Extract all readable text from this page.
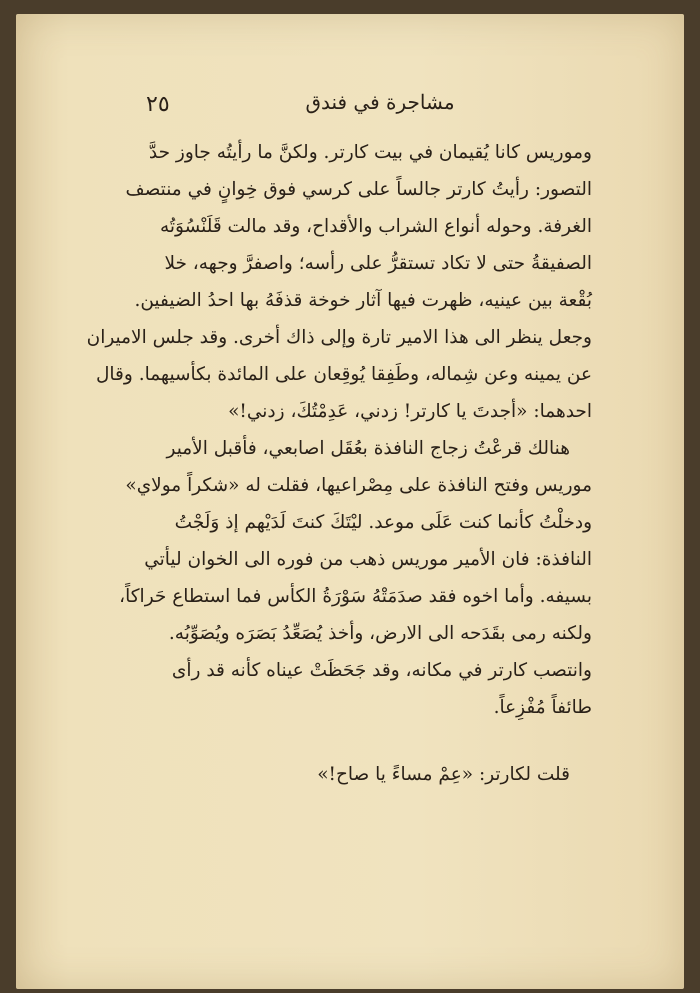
٢٥	مشاجرة في فندق
وموريس كانا يُقيمان في بيت كارتر. ولكنَّ ما رأيتُه جاوز حدَّ
التصور: رأيتُ كارتر جالساً على كرسي فوق خِوانٍ في منتصف
الغرفة. وحوله أنواع الشراب والأقداح، وقد مالت قَلَنْسُوَتُه
الصفيقةُ حتى لا تكاد تستقرُّ على رأسه؛ واصفرَّ وجهه، خلا
بُقْعة بين عينيه، ظهرت فيها آثار خوخة قذفَهُ بها احدُ الضيفين.
وجعل ينظر الى هذا الامير تارة وإلى ذاك أخرى. وقد جلس الاميران
عن يمينه وعن شِماله، وطَفِقا يُوقِعان على المائدة بكأسيهما. وقال
احدهما: «أجدتَ يا كارتر! زدني، عَدِمْتُكَ، زدني!»
هنالك قرعْتُ زجاج النافذة بعُقَل اصابعي، فأقبل الأمير
موريس وفتح النافذة على مِصْراعيها، فقلت له «شكراً مولاي»
ودخلْتُ كأنما كنت عَلَى موعد. ليْتَكَ كنتَ لَدَيْهم إذ وَلَجْتُ
النافذة: فان الأمير موريس ذهب من فوره الى الخوان ليأتي
بسيفه. وأما اخوه فقد صدَمَتْهُ سَوْرَةُ الكأس فما استطاع حَراكاً،
ولكنه رمى بقَدَحه الى الارض، وأخذ يُصَعِّدُ بَصَرَه ويُصَوِّبُه.
وانتصب كارتر في مكانه، وقد جَحَظَتْ عيناه كأنه قد رأى
طائفاً مُفْزِعاً.
قلت لكارتر: «عِمْ مساءً يا صاح!»
